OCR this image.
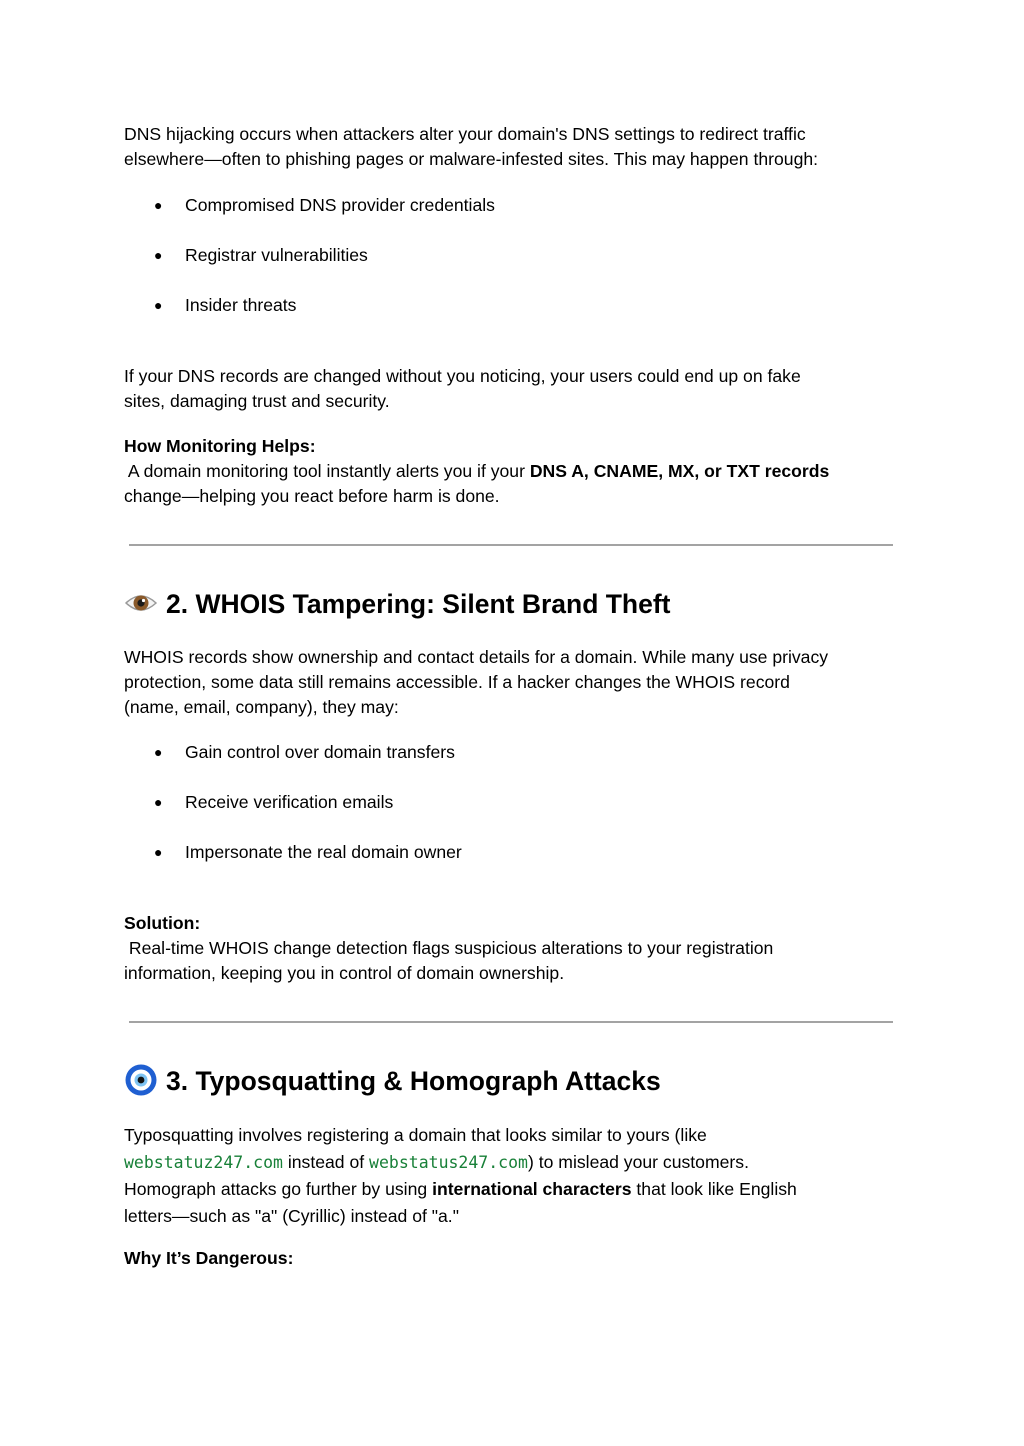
DNS hijacking occurs when attackers alter your domain's DNS settings to redirect traffic
elsewhere—often to phishing pages or malware-infested sites. This may happen through:
●	Compromised DNS provider credentials
●	Registrar vulnerabilities
●	Insider threats
If your DNS records are changed without you noticing, your users could end up on fake
sites, damaging trust and security.
How Monitoring Helps:
A domain monitoring tool instantly alerts you if your DNS A, CNAME, MX, or TXT records
change—helping you react before harm is done.
2. WHOIS Tampering: Silent Brand Theft
WHOIS records show ownership and contact details for a domain. While many use privacy
protection, some data still remains accessible. If a hacker changes the WHOIS record
(name, email, company), they may:
●	Gain control over domain transfers
●	Receive verification emails
●	Impersonate the real domain owner
Solution:
Real-time WHOIS change detection flags suspicious alterations to your registration
information, keeping you in control of domain ownership.
3. Typosquatting & Homograph Attacks
Typosquatting involves registering a domain that looks similar to yours (like
webstatuz247.com instead of webstatus247.com) to mislead your customers.
Homograph attacks go further by using international characters that look like English
letters—such as "a" (Cyrillic) instead of "a."
Why It’s Dangerous:
